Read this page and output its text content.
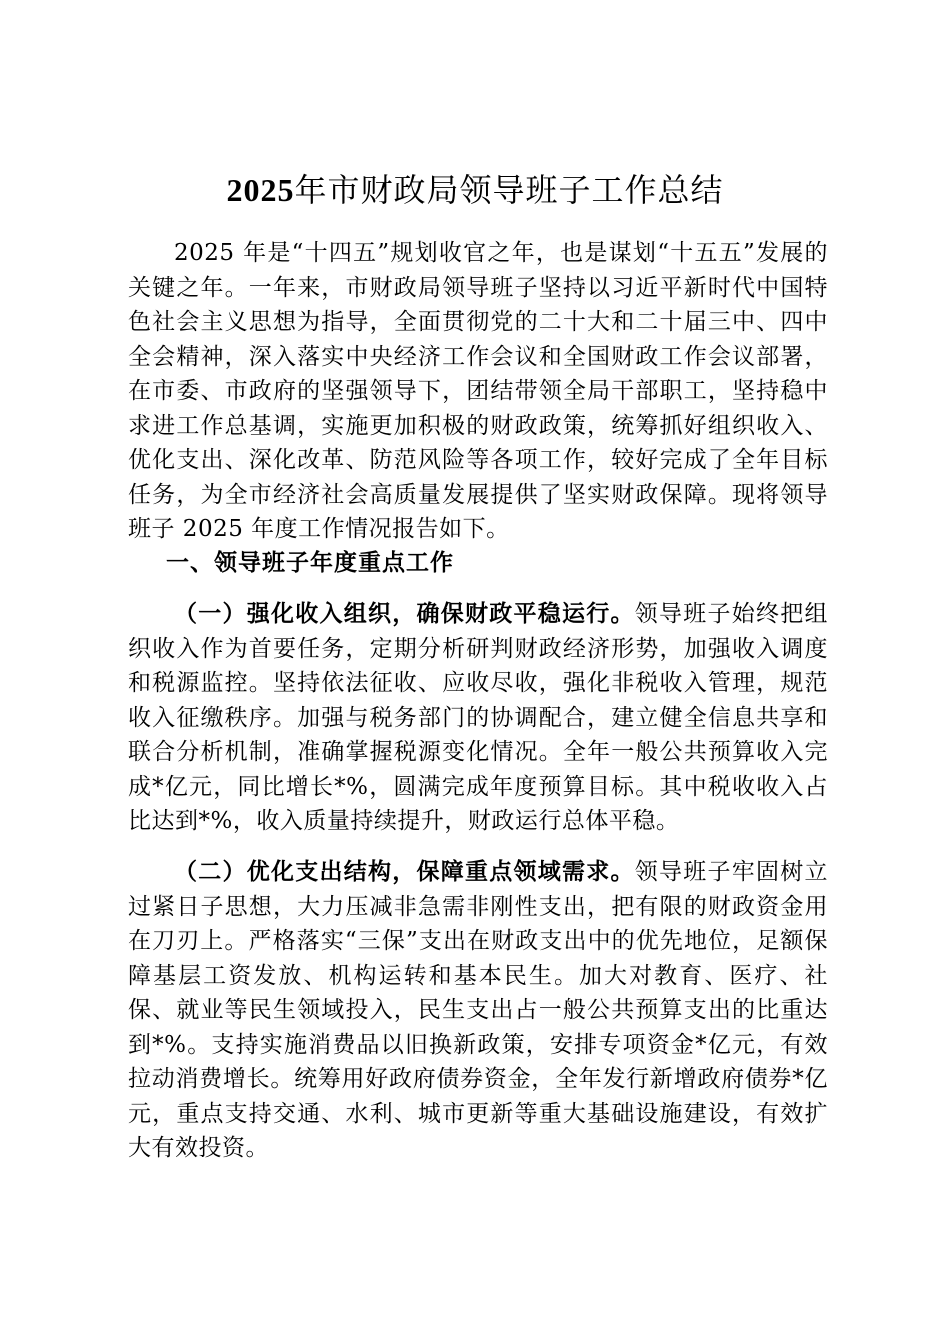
2025年市财政局领导班子工作总结

2025 年是“十四五”规划收官之年，也是谋划“十五五”发展的关键之年。一年来，市财政局领导班子坚持以习近平新时代中国特色社会主义思想为指导，全面贯彻党的二十大和二十届三中、四中全会精神，深入落实中央经济工作会议和全国财政工作会议部署，在市委、市政府的坚强领导下，团结带领全局干部职工，坚持稳中求进工作总基调，实施更加积极的财政政策，统筹抓好组织收入、优化支出、深化改革、防范风险等各项工作，较好完成了全年目标任务，为全市经济社会高质量发展提供了坚实财政保障。现将领导班子 2025 年度工作情况报告如下。

一、领导班子年度重点工作

（一）强化收入组织，确保财政平稳运行。领导班子始终把组织收入作为首要任务，定期分析研判财政经济形势，加强收入调度和税源监控。坚持依法征收、应收尽收，强化非税收入管理，规范收入征缴秩序。加强与税务部门的协调配合，建立健全信息共享和联合分析机制，准确掌握税源变化情况。全年一般公共预算收入完成*亿元，同比增长*%，圆满完成年度预算目标。其中税收收入占比达到*%，收入质量持续提升，财政运行总体平稳。

（二）优化支出结构，保障重点领域需求。领导班子牢固树立过紧日子思想，大力压减非急需非刚性支出，把有限的财政资金用在刀刃上。严格落实“三保”支出在财政支出中的优先地位，足额保障基层工资发放、机构运转和基本民生。加大对教育、医疗、社保、就业等民生领域投入，民生支出占一般公共预算支出的比重达到*%。支持实施消费品以旧换新政策，安排专项资金*亿元，有效拉动消费增长。统筹用好政府债券资金，全年发行新增政府债券*亿元，重点支持交通、水利、城市更新等重大基础设施建设，有效扩大有效投资。
